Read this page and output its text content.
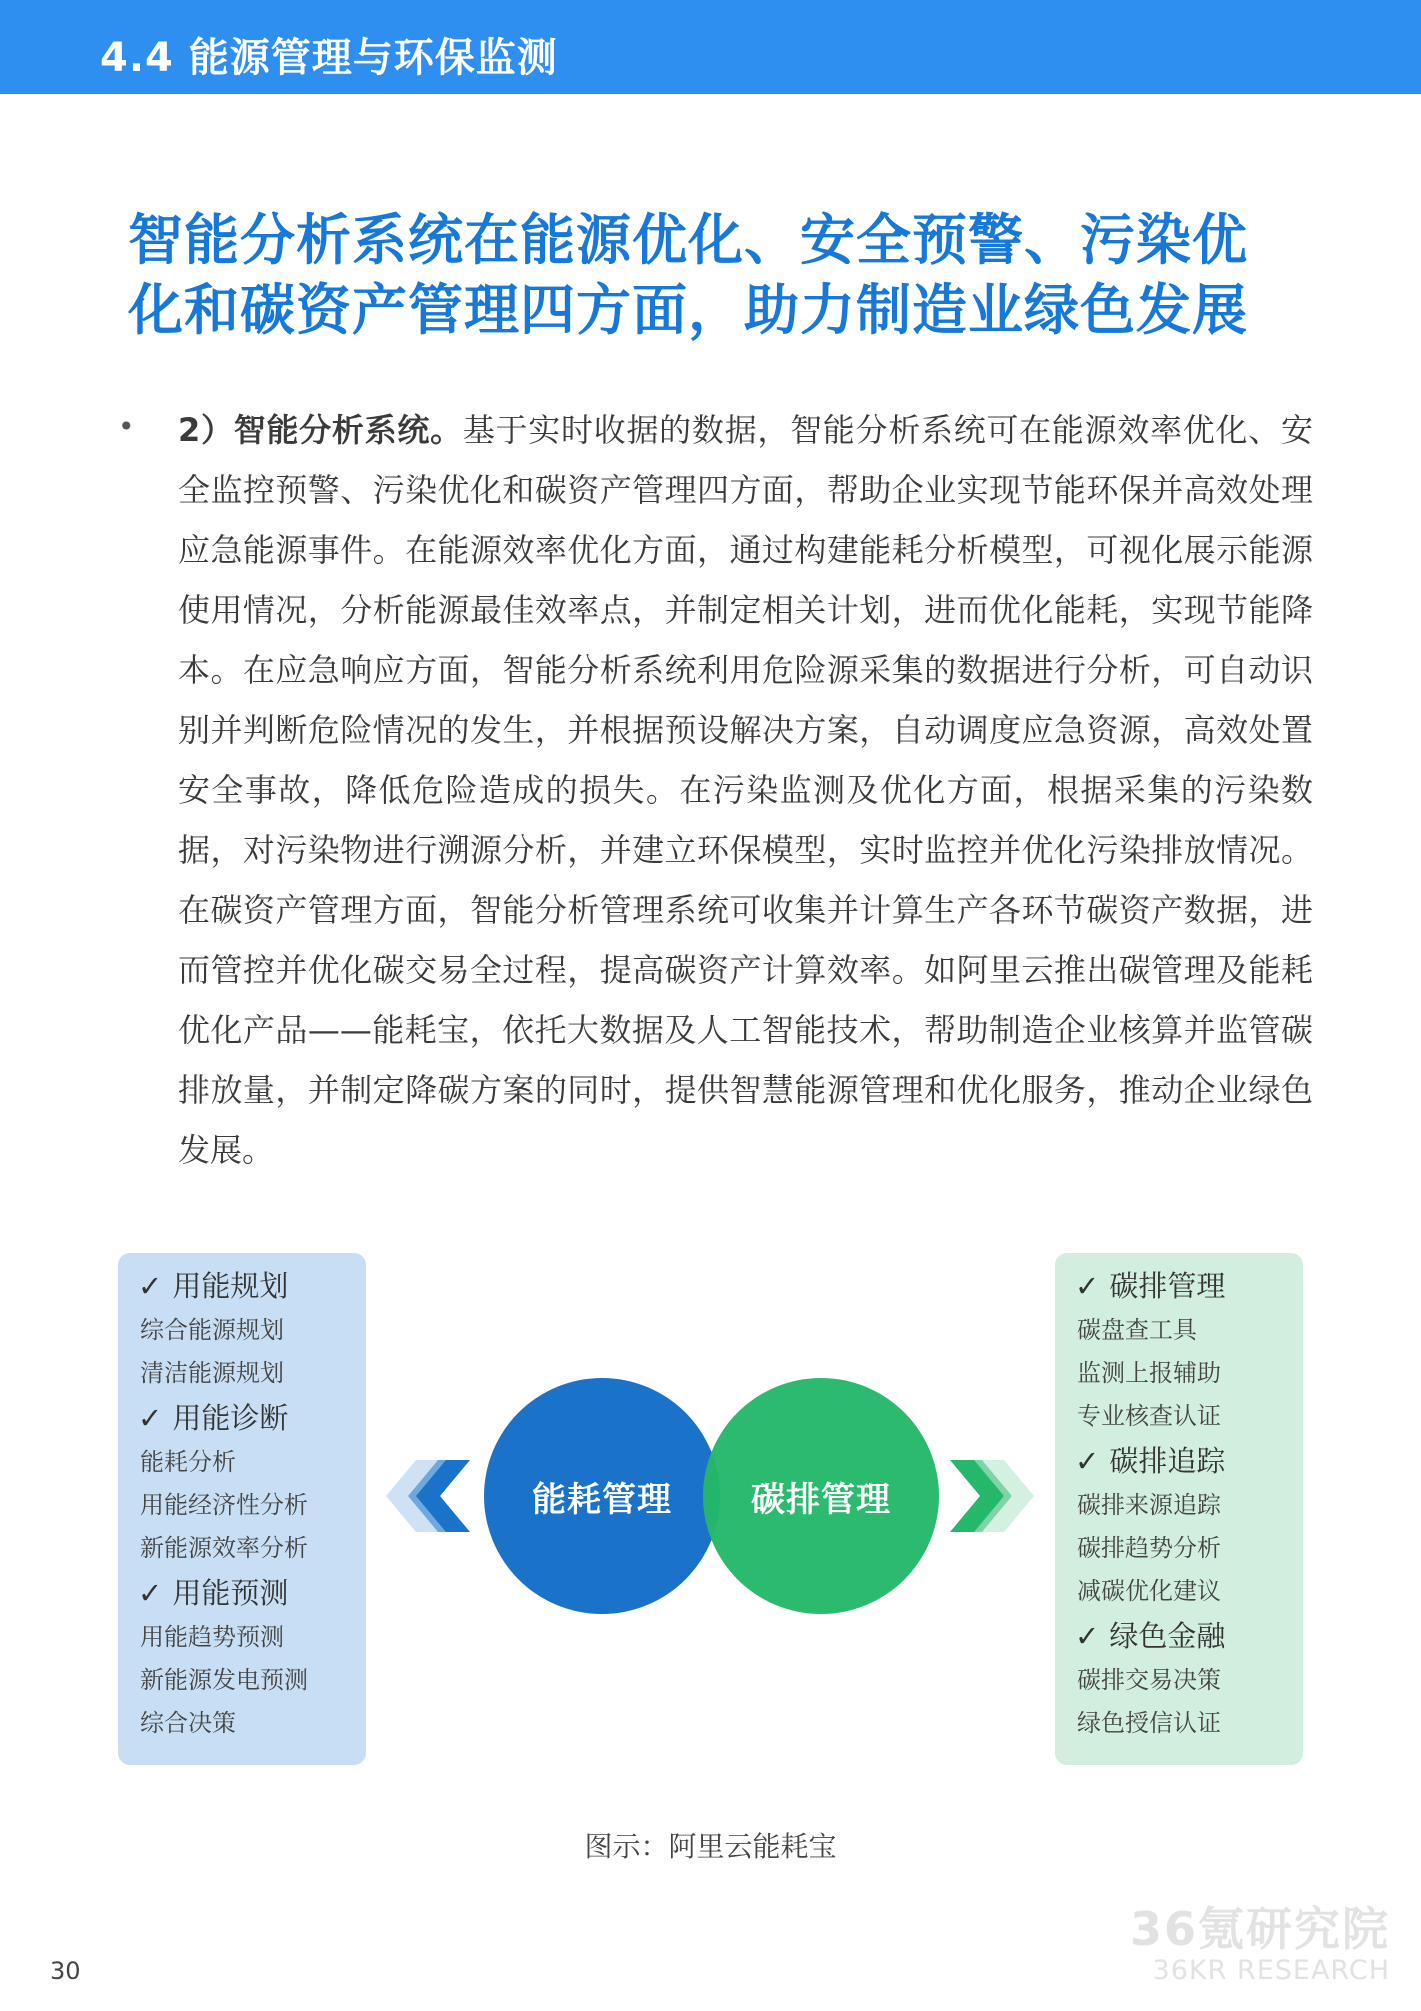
4.4 能源管理与环保监测
智能分析系统在能源优化、安全预警、污染优
化和碳资产管理四方面，助力制造业绿色发展
• 2）智能分析系统。基于实时收据的数据，智能分析系统可在能源效率优化、安全监控预警、污染优化和碳资产管理四方面，帮助企业实现节能环保并高效处理应急能源事件。在能源效率优化方面，通过构建能耗分析模型，可视化展示能源使用情况，分析能源最佳效率点，并制定相关计划，进而优化能耗，实现节能降本。在应急响应方面，智能分析系统利用危险源采集的数据进行分析，可自动识别并判断危险情况的发生，并根据预设解决方案，自动调度应急资源，高效处置安全事故，降低危险造成的损失。在污染监测及优化方面，根据采集的污染数据，对污染物进行溯源分析，并建立环保模型，实时监控并优化污染排放情况。在碳资产管理方面，智能分析管理系统可收集并计算生产各环节碳资产数据，进而管控并优化碳交易全过程，提高碳资产计算效率。如阿里云推出碳管理及能耗优化产品——能耗宝，依托大数据及人工智能技术，帮助制造企业核算并监管碳排放量，并制定降碳方案的同时，提供智慧能源管理和优化服务，推动企业绿色发展。
✓ 用能规划
综合能源规划
清洁能源规划
✓ 用能诊断
能耗分析
用能经济性分析
新能源效率分析
✓ 用能预测
用能趋势预测
新能源发电预测
综合决策
✓ 碳排管理
碳盘查工具
监测上报辅助
专业核查认证
✓ 碳排追踪
碳排来源追踪
碳排趋势分析
减碳优化建议
✓ 绿色金融
碳排交易决策
绿色授信认证
能耗管理 碳排管理
图示：阿里云能耗宝
30
36氪研究院
36KR RESEARCH
